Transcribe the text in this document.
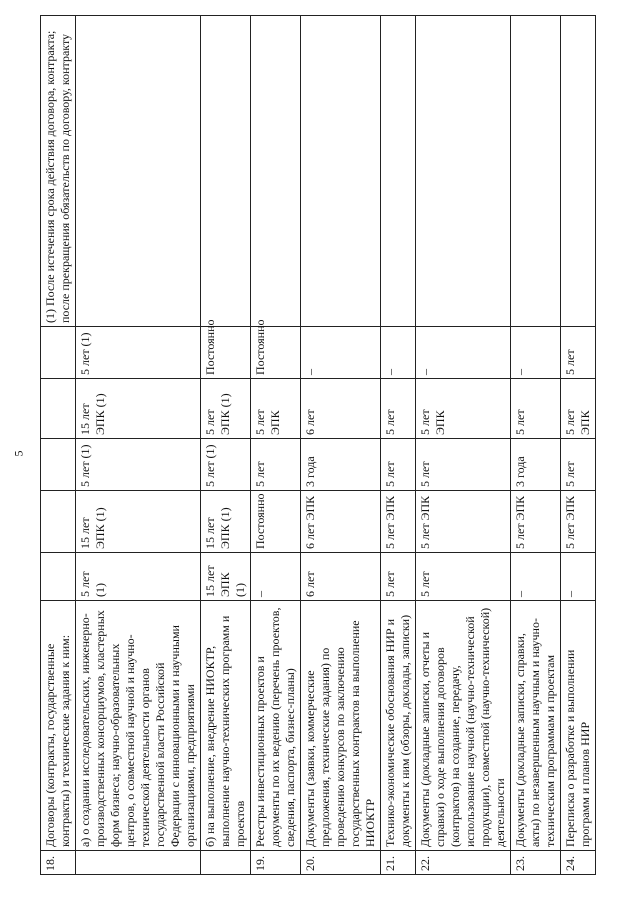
5
18.	Договоры (контракты, государственные контракты) и технические задания к ним:						(1) После истечения срока действия договора, контракта; после прекращения обязательств по договору, контракту
	а) о создании исследовательских, инженерно-производственных консорциумов, кластерных форм бизнеса; научно-образовательных центров, о совместной научной и научно-технической деятельности органов государственной власти Российской Федерации с инновационными и научными организациями, предприятиями	5 лет (1)	15 лет ЭПК (1)	5 лет (1)	15 лет ЭПК (1)	5 лет (1)	
	б) на выполнение, внедрение НИОКТР, выполнение научно-технических программ и проектов	15 лет ЭПК (1)	15 лет ЭПК (1)	5 лет (1)	5 лет ЭПК (1)	Постоянно	
19.	Реестры инвестиционных проектов и документы по их ведению (перечень проектов, сведения, паспорта, бизнес-планы)	–	Постоянно	5 лет	5 лет ЭПК	Постоянно	
20.	Документы (заявки, коммерческие предложения, технические задания) по проведению конкурсов по заключению государственных контрактов на выполнение НИОКТР	6 лет	6 лет ЭПК	3 года	6 лет	–	
21.	Технико-экономические обоснования НИР и документы к ним (обзоры, доклады, записки)	5 лет	5 лет ЭПК	5 лет	5 лет	–	
22.	Документы (докладные записки, отчеты и справки) о ходе выполнения договоров (контрактов) на создание, передачу, использование научной (научно-технической продукции), совместной (научно-технической) деятельности	5 лет	5 лет ЭПК	5 лет	5 лет ЭПК	–	
23.	Документы (докладные записки, справки, акты) по незавершенным научным и научно-техническим программам и проектам	–	5 лет ЭПК	3 года	5 лет	–	
24.	Переписка о разработке и выполнении программ и планов НИР	–	5 лет ЭПК	5 лет	5 лет ЭПК	5 лет	
